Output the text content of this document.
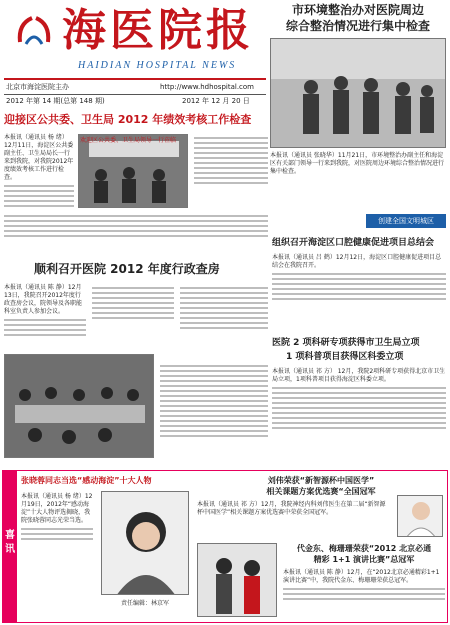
海医院报
HAIDIAN HOSPITAL NEWS
北京市海淀医院主办	http://www.hdhospital.com
2012 年第 14 期(总第 148 期)	2012 年 12 月 20 日
市环境整治办对医院周边
综合整治情况进行集中检查
本报讯（通讯员 张晓华）11月21日，市环境整治办副主任和海淀区有关部门领导一行来到我院，对医院周边环境综合整治情况进行集中检查。
创建全国文明城区
迎接区公共委、卫生局 2012 年绩效考核工作检查
本报讯（通讯员 杨 绪） 12月11日，海淀区公共委副主任、卫生局局长一行来到我院，对我院2012年度绩效考核工作进行检查。
欢迎区公共委、卫生局领导一行莅临
组织召开海淀区口腔健康促进项目总结会
本报讯（通讯员 吕 鹤）12月12日，海淀区口腔健康促进项目总结会在我院召开。
顺利召开医院 2012 年度行政查房
本报讯（通讯员 陈 静）12月13日，我院召开2012年度行政查房会议，院领导及各职能科室负责人参加会议。
医院 2 项科研专项获得市卫生局立项
1 项科普项目获得区科委立项
本报讯（通讯员 祁 方） 12月，我院2项科研专项获得北京市卫生局立项，1项科普项目获得海淀区科委立项。
喜讯
张晓蓉同志当选“感动海淀”十大人物
本报讯（通讯员 杨 绪）12月19日，2012年“感动海淀”十大人物评选揭晓，我院张晓蓉同志光荣当选。
责任编辑：林京军
刘伟荣获“新智源杯中国医学”
相关课题方案优选赛“全国冠军
本报讯（通讯员 祁 方）12月，我院神经内科刘伟医生在第二届“新智源杯中国医学”相关课题方案优选赛中荣获全国冠军。
代金东、梅珊珊荣获“2012 北京必通
精彩 1+1 演讲比赛”总冠军
本报讯（通讯员 陈 静）12月，在“2012北京必通精彩1+1演讲比赛”中，我院代金东、梅珊珊荣获总冠军。
